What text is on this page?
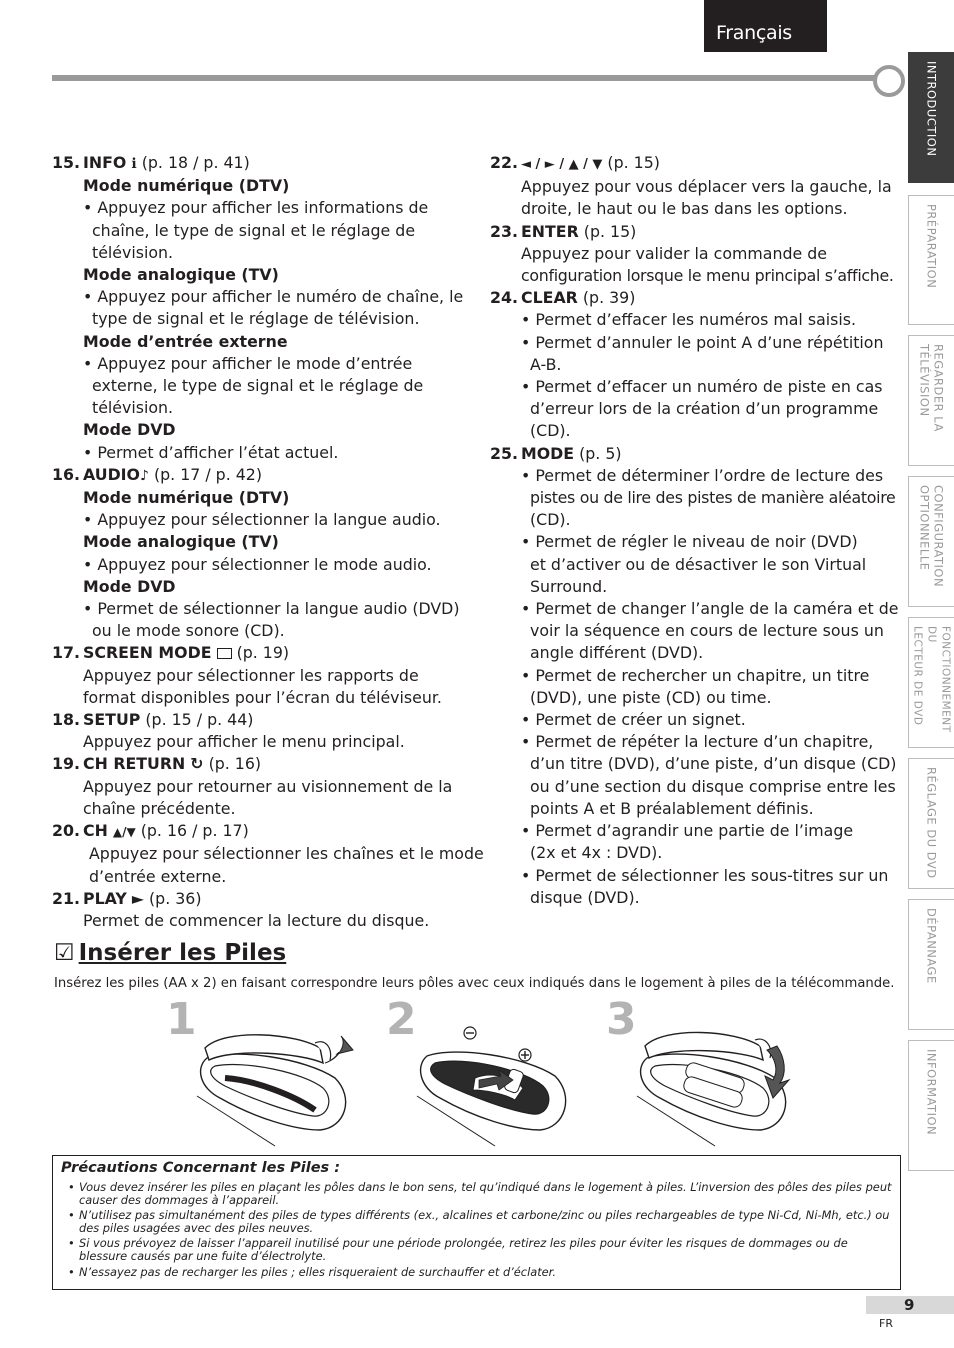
Français
INTRODUCTION
PRÉPARATION
REGARDER LA
TÉLÉVISION
CONFIGURATION
OPTIONNELLE
FONCTIONNEMENT DU
LECTEUR DE DVD
RÉGLAGE DU DVD
DÉPANNAGE
INFORMATION

15. INFO ℹ (p. 18 / p. 41)

Mode numérique (DTV)

• Appuyez pour afficher les informations de

chaîne, le type de signal et le réglage de

télévision.

Mode analogique (TV)

• Appuyez pour afficher le numéro de chaîne, le

type de signal et le réglage de télévision.

Mode d’entrée externe

• Appuyez pour afficher le mode d’entrée

externe, le type de signal et le réglage de

télévision.

Mode DVD

• Permet d’afficher l’état actuel.

16. AUDIO♪ (p. 17 / p. 42)

Mode numérique (DTV)

• Appuyez pour sélectionner la langue audio.

Mode analogique (TV)

• Appuyez pour sélectionner le mode audio.

Mode DVD

• Permet de sélectionner la langue audio (DVD)

ou le mode sonore (CD).

17. SCREEN MODE (p. 19)

Appuyez pour sélectionner les rapports de

format disponibles pour l’écran du téléviseur.

18. SETUP (p. 15 / p. 44)

Appuyez pour afficher le menu principal.

19. CH RETURN ↻ (p. 16)

Appuyez pour retourner au visionnement de la

chaîne précédente.

20. CH ▲/▼ (p. 16 / p. 17)

Appuyez pour sélectionner les chaînes et le mode

d’entrée externe.

21. PLAY ► (p. 36)

Permet de commencer la lecture du disque.

22. ◄ / ► / ▲ / ▼ (p. 15)

Appuyez pour vous déplacer vers la gauche, la

droite, le haut ou le bas dans les options.

23. ENTER (p. 15)

Appuyez pour valider la commande de

configuration lorsque le menu principal s’affiche.

24. CLEAR (p. 39)

• Permet d’effacer les numéros mal saisis.

• Permet d’annuler le point A d’une répétition

A-B.

• Permet d’effacer un numéro de piste en cas

d’erreur lors de la création d’un programme

(CD).

25. MODE (p. 5)

• Permet de déterminer l’ordre de lecture des

pistes ou de lire des pistes de manière aléatoire

(CD).

• Permet de régler le niveau de noir (DVD)

et d’activer ou de désactiver le son Virtual

Surround.

• Permet de changer l’angle de la caméra et de

voir la séquence en cours de lecture sous un

angle différent (DVD).

• Permet de rechercher un chapitre, un titre

(DVD), une piste (CD) ou time.

• Permet de créer un signet.

• Permet de répéter la lecture d’un chapitre,

d’un titre (DVD), d’une piste, d’un disque (CD)

ou d’une section du disque comprise entre les

points A et B préalablement définis.

• Permet d’agrandir une partie de l’image

(2x et 4x : DVD).

• Permet de sélectionner les sous-titres sur un

disque (DVD).

☑ Insérer les Piles
Insérez les piles (AA x 2) en faisant correspondre leurs pôles avec ceux indiqués dans le logement à piles de la télécommande.
1	2	3

Précautions Concernant les Piles :

• Vous devez insérer les piles en plaçant les pôles dans le bon sens, tel qu’indiqué dans le logement à piles. L’inversion des pôles des piles peut

causer des dommages à l’appareil.

• N’utilisez pas simultanément des piles de types différents (ex., alcalines et carbone/zinc ou piles rechargeables de type Ni-Cd, Ni-Mh, etc.) ou

des piles usagées avec des piles neuves.

• Si vous prévoyez de laisser l’appareil inutilisé pour une période prolongée, retirez les piles pour éviter les risques de dommages ou de

blessure causés par une fuite d’électrolyte.

• N’essayez pas de recharger les piles ; elles risqueraient de surchauffer et d’éclater.

9
FR
